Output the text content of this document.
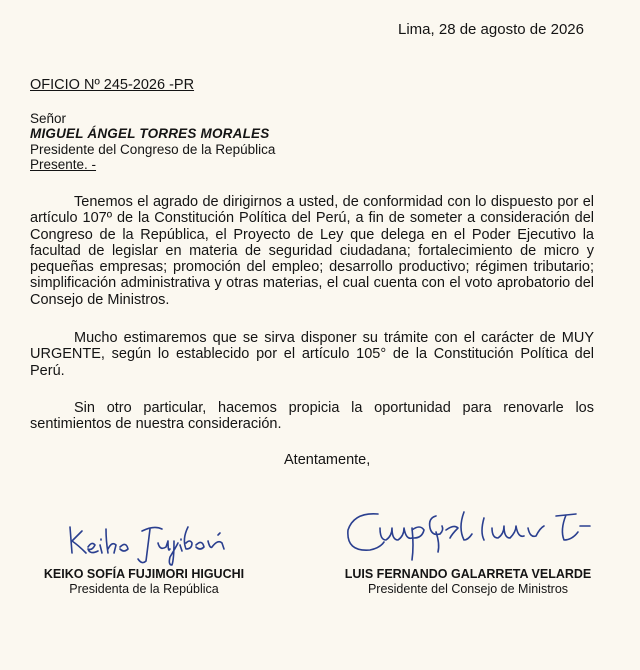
Lima, 28 de agosto de 2026
OFICIO Nº 245-2026 -PR
Señor
MIGUEL ÁNGEL TORRES MORALES
Presidente del Congreso de la República
Presente. -

Tenemos el agrado de dirigirnos a usted, de conformidad con lo dispuesto por el artículo 107º de la Constitución Política del Perú, a fin de someter a consideración del Congreso de la República, el Proyecto de Ley que delega en el Poder Ejecutivo la facultad de legislar en materia de seguridad ciudadana; fortalecimiento de micro y pequeñas empresas; promoción del empleo; desarrollo productivo; régimen tributario; simplificación administrativa y otras materias, el cual cuenta con el voto aprobatorio del Consejo de Ministros.

Mucho estimaremos que se sirva disponer su trámite con el carácter de MUY URGENTE, según lo establecido por el artículo 105° de la Constitución Política del Perú.

Sin otro particular, hacemos propicia la oportunidad para renovarle los sentimientos de nuestra consideración.

Atentamente,
KEIKO SOFÍA FUJIMORI HIGUCHI
Presidenta de la República
LUIS FERNANDO GALARRETA VELARDE
Presidente del Consejo de Ministros
